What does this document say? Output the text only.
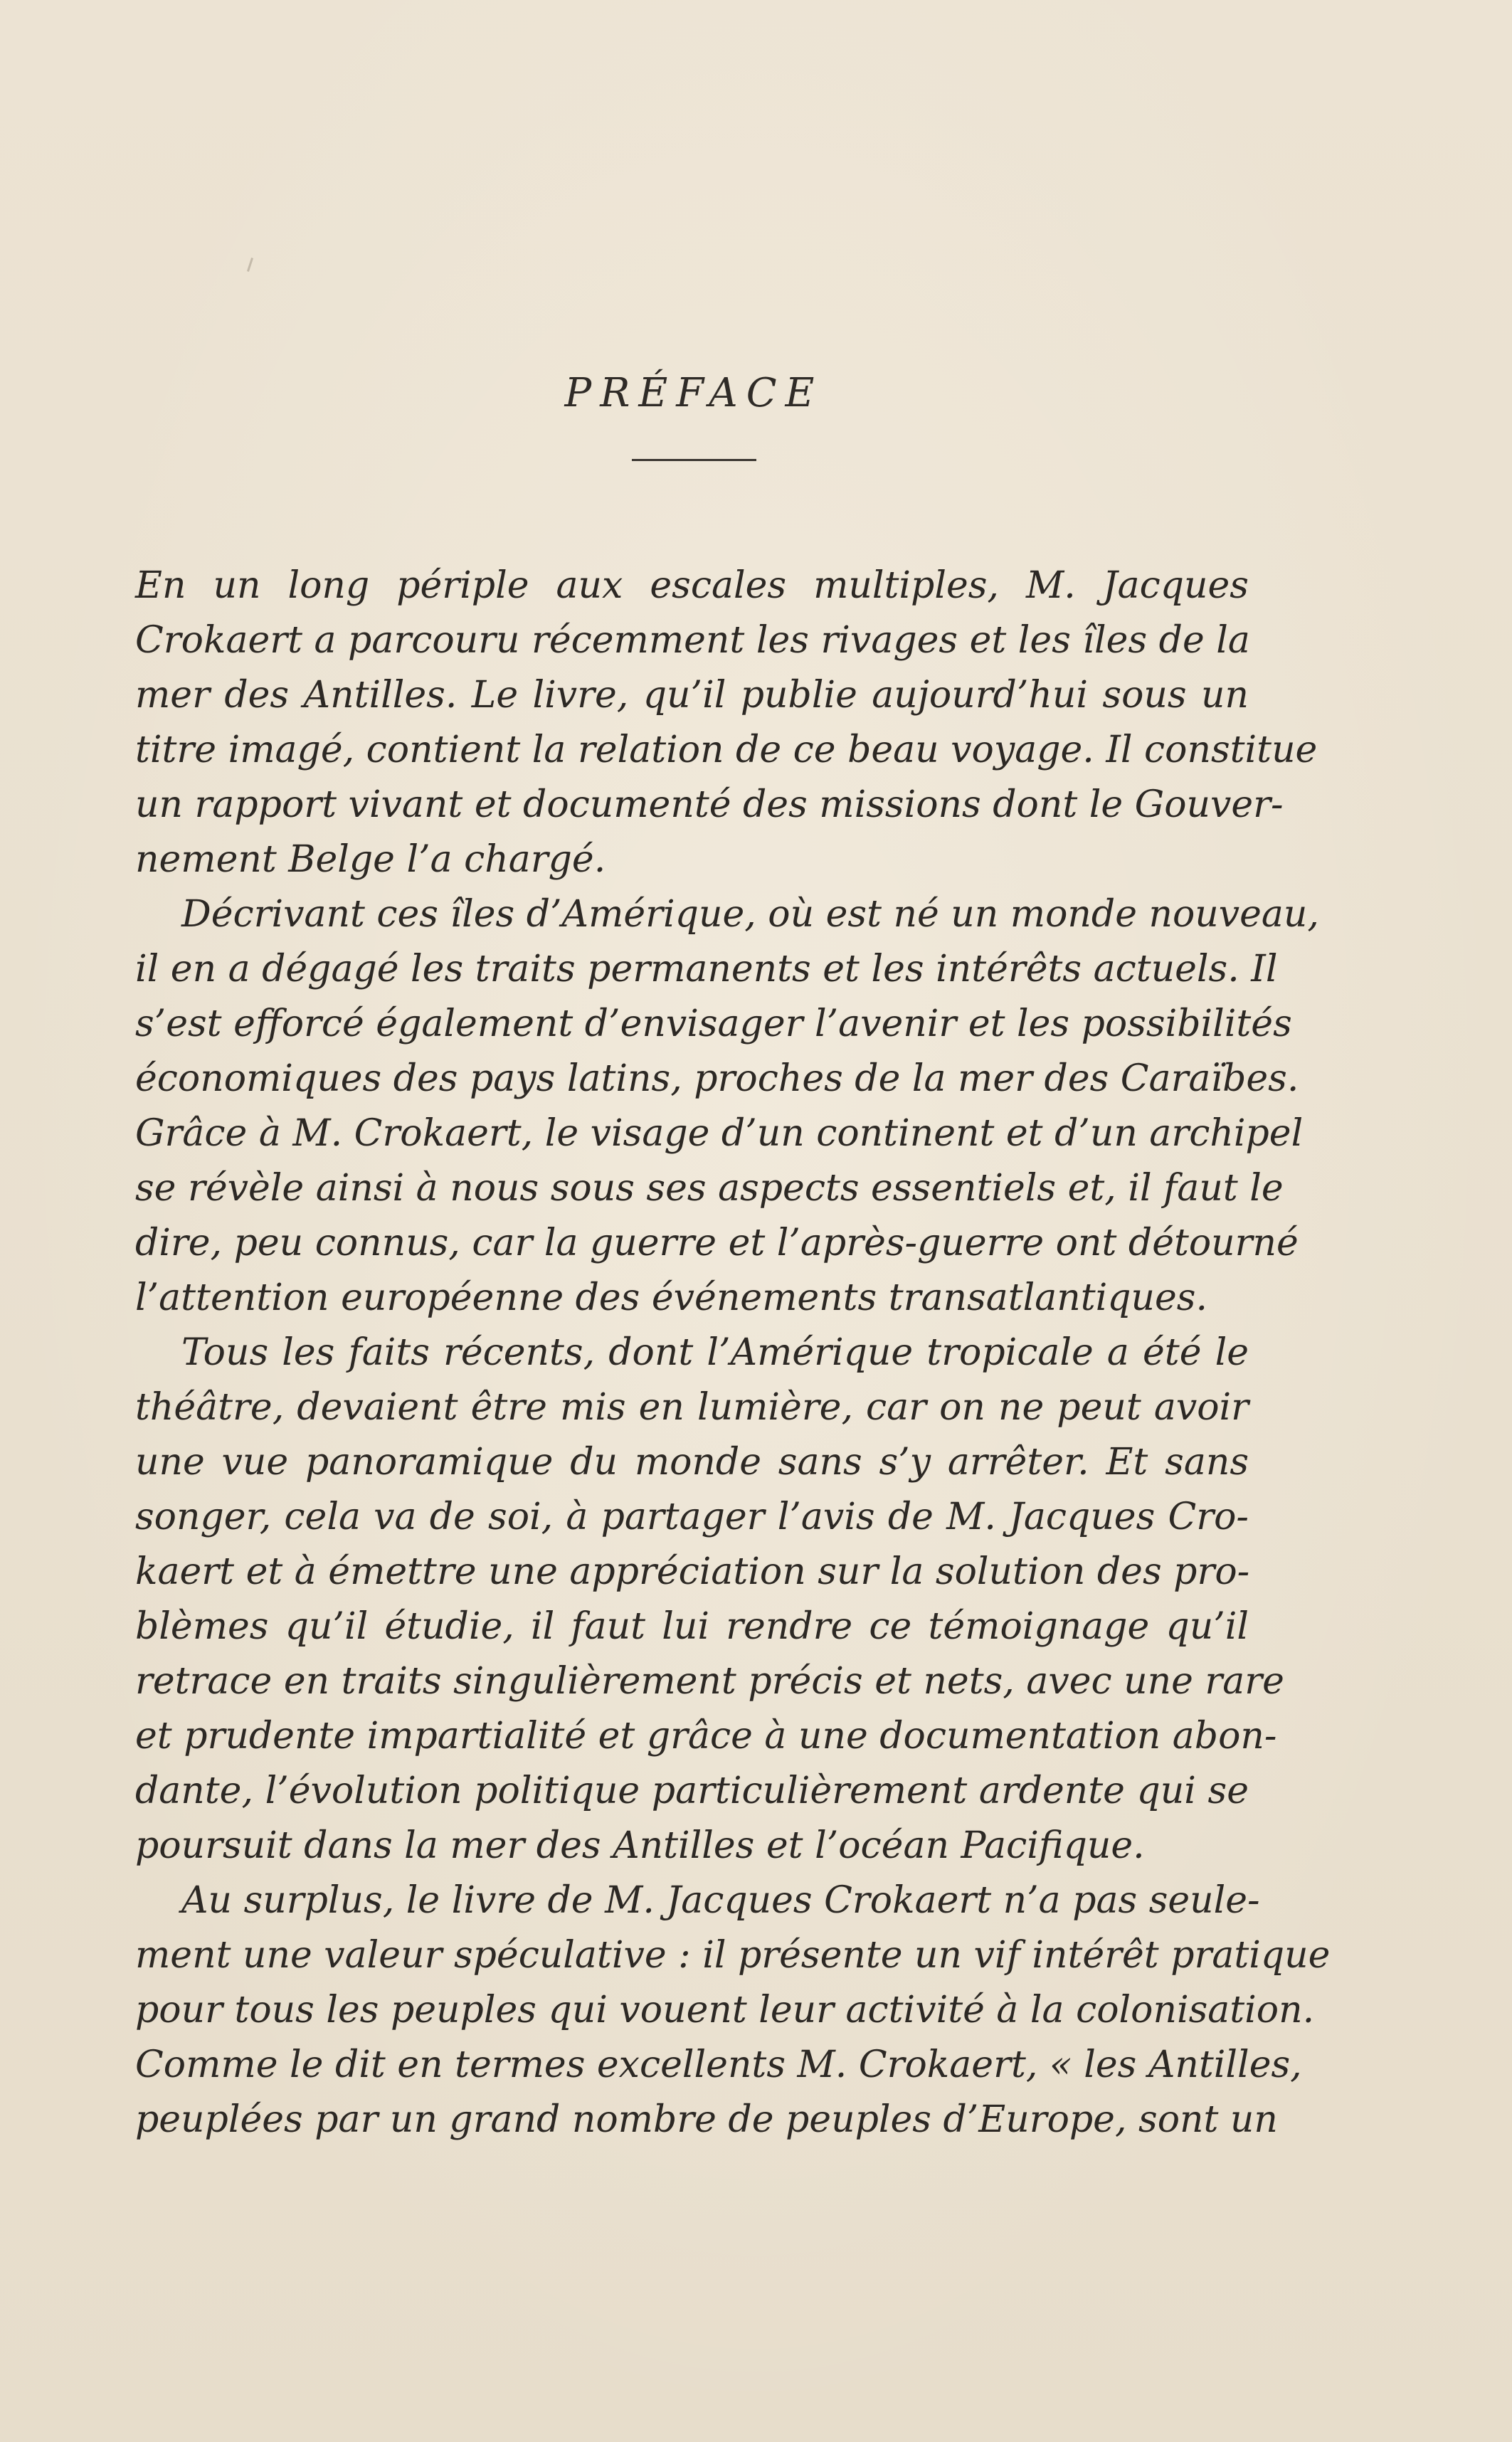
PRÉFACE
En un long périple aux escales multiples, M. Jacques
Crokaert a parcouru récemment les rivages et les îles de la
mer des Antilles. Le livre, qu’il publie aujourd’hui sous un
titre imagé, contient la relation de ce beau voyage. Il constitue
un rapport vivant et documenté des missions dont le Gouver-
nement Belge l’a chargé.
Décrivant ces îles d’Amérique, où est né un monde nouveau,
il en a dégagé les traits permanents et les intérêts actuels. Il
s’est efforcé également d’envisager l’avenir et les possibilités
économiques des pays latins, proches de la mer des Caraïbes.
Grâce à M. Crokaert, le visage d’un continent et d’un archipel
se révèle ainsi à nous sous ses aspects essentiels et, il faut le
dire, peu connus, car la guerre et l’après-guerre ont détourné
l’attention européenne des événements transatlantiques.
Tous les faits récents, dont l’Amérique tropicale a été le
théâtre, devaient être mis en lumière, car on ne peut avoir
une vue panoramique du monde sans s’y arrêter. Et sans
songer, cela va de soi, à partager l’avis de M. Jacques Cro-
kaert et à émettre une appréciation sur la solution des pro-
blèmes qu’il étudie, il faut lui rendre ce témoignage qu’il
retrace en traits singulièrement précis et nets, avec une rare
et prudente impartialité et grâce à une documentation abon-
dante, l’évolution politique particulièrement ardente qui se
poursuit dans la mer des Antilles et l’océan Pacifique.
Au surplus, le livre de M. Jacques Crokaert n’a pas seule-
ment une valeur spéculative : il présente un vif intérêt pratique
pour tous les peuples qui vouent leur activité à la colonisation.
Comme le dit en termes excellents M. Crokaert, « les Antilles,
peuplées par un grand nombre de peuples d’Europe, sont un
